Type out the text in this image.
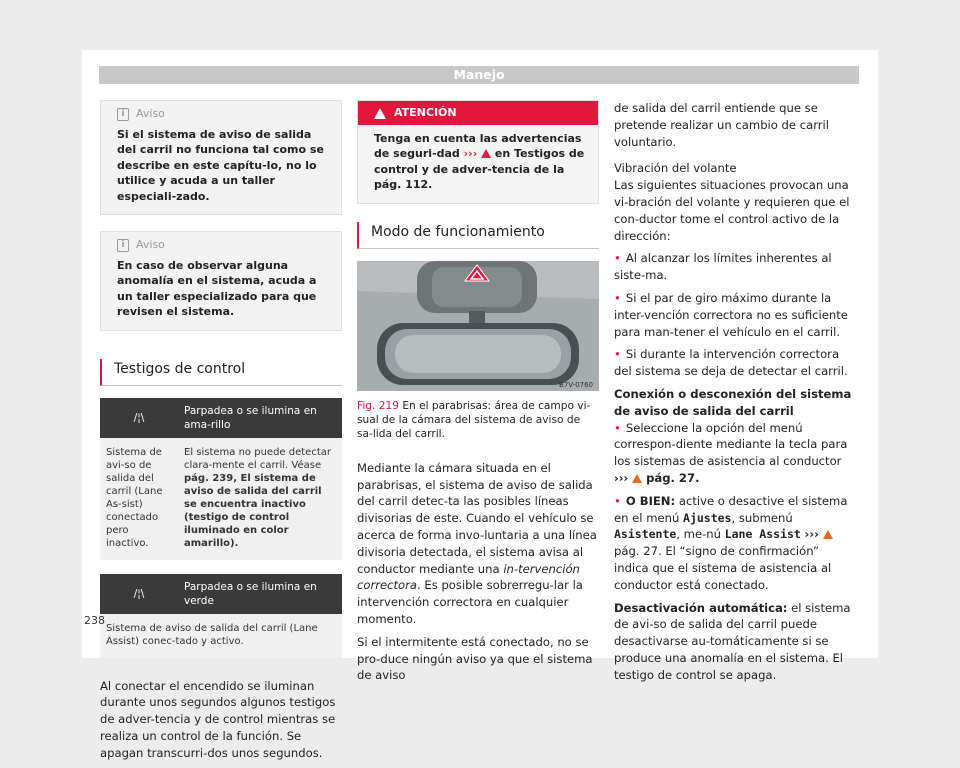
Manejo
i	Aviso
Si el sistema de aviso de salida del carril no funciona tal como se describe en este capítu-lo, no lo utilice y acuda a un taller especiali-zado.
i	Aviso
En caso de observar alguna anomalía en el sistema, acuda a un taller especializado para que revisen el sistema.
Testigos de control
/¦\	Parpadea o se ilumina en ama-rillo
Sistema de avi-so de salida del carril (Lane As-sist) conectado pero inactivo.	El sistema no puede detectar clara-mente el carril. Véase pág. 239, El sistema de aviso de salida del carril se encuentra inactivo (testigo de control iluminado en color amarillo).
/¦\	Parpadea o se ilumina en verde
Sistema de aviso de salida del carril (Lane Assist) conec-tado y activo.

Al conectar el encendido se iluminan durante unos segundos algunos testigos de adver-tencia y de control mientras se realiza un control de la función. Se apagan transcurri-dos unos segundos.

ATENCIÓN
Tenga en cuenta las advertencias de seguri-dad ›››  en Testigos de control y de adver-tencia de la pág. 112.
Modo de funcionamiento
B7V-0760
Fig. 219 En el parabrisas: área de campo vi-sual de la cámara del sistema de aviso de sa-lida del carril.

Mediante la cámara situada en el parabrisas, el sistema de aviso de salida del carril detec-ta las posibles líneas divisorias de este. Cuando el vehículo se acerca de forma invo-luntaria a una línea divisoria detectada, el sistema avisa al conductor mediante una in-tervención correctora. Es posible sobrerregu-lar la intervención correctora en cualquier momento.

Si el intermitente está conectado, no se pro-duce ningún aviso ya que el sistema de aviso

de salida del carril entiende que se pretende realizar un cambio de carril voluntario.

Vibración del volante

Las siguientes situaciones provocan una vi-bración del volante y requieren que el con-ductor tome el control activo de la dirección:

• Al alcanzar los límites inherentes al siste-ma.

• Si el par de giro máximo durante la inter-vención correctora no es suficiente para man-tener el vehículo en el carril.

• Si durante la intervención correctora del sistema se deja de detectar el carril.

Conexión o desconexión del sistema de aviso de salida del carril

• Seleccione la opción del menú correspon-diente mediante la tecla para los sistemas de asistencia al conductor ›››  pág. 27.

• O BIEN: active o desactive el sistema en el menú Ajustes, submenú Asistente, me-nú Lane Assist ›››  pág. 27. El “signo de confirmación” indica que el sistema de asistencia al conductor está conectado.

Desactivación automática: el sistema de avi-so de salida del carril puede desactivarse au-tomáticamente si se produce una anomalía en el sistema. El testigo de control se apaga.

238
